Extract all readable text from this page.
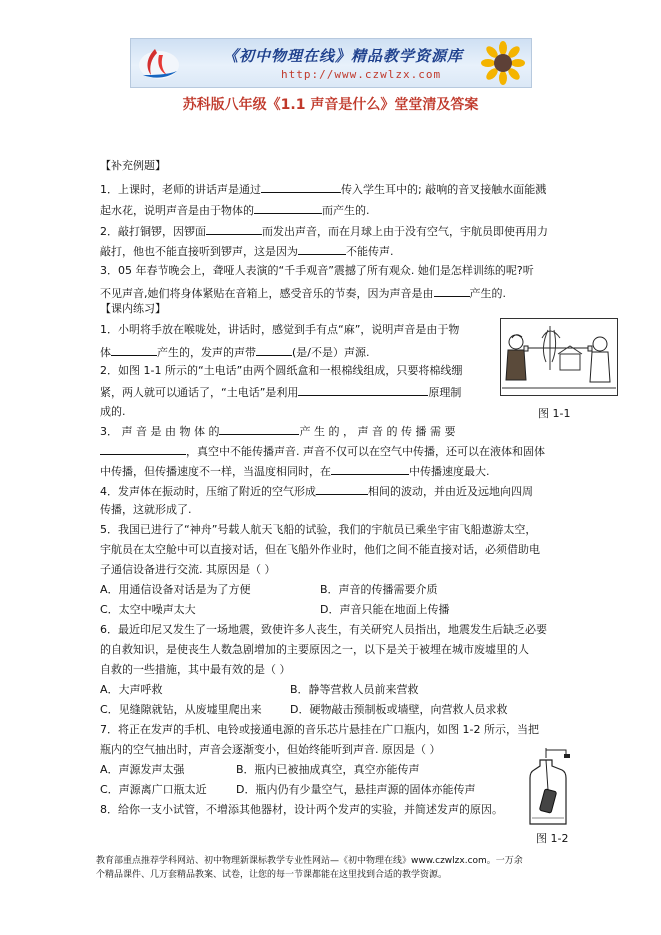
《初中物理在线》精品教学资源库
http://www.czwlzx.com
苏科版八年级《1.1 声音是什么》堂堂清及答案
【补充例题】
1．上课时，老师的讲话声是通过	传入学生耳中的; 敲响的音叉接触水面能溅
起水花，说明声音是由于物体的	而产生的.
2．敲打铜锣，因锣面	而发出声音，而在月球上由于没有空气，宇航员即使再用力
敲打，他也不能直接听到锣声，这是因为	不能传声.
3．05 年春节晚会上，聋哑人表演的“千手观音”震撼了所有观众. 她们是怎样训练的呢?听
不见声音,她们将身体紧贴在音箱上，感受音乐的节奏，因为声音是由	产生的.
【课内练习】
1．小明将手放在喉咙处，讲话时，感觉到手有点“麻”，说明声音是由于物
体	产生的，发声的声带	(是/不是）声源.
2．如图 1-1 所示的“土电话”由两个圆纸盒和一根棉线组成，只要将棉线绷
紧，两人就可以通话了，“土电话”是利用	原理制
成的.	图 1-1
3． 声 音 是 由 物 体 的	产 生 的 ， 声 音 的 传 播 需 要
，真空中不能传播声音. 声音不仅可以在空气中传播，还可以在液体和固体
中传播，但传播速度不一样，当温度相同时，在	中传播速度最大.
4．发声体在振动时，压缩了附近的空气形成	相间的波动，并由近及远地向四周
传播，这就形成了.
5．我国已进行了“神舟”号载人航天飞船的试验，我们的宇航员已乘坐宇宙飞船遨游太空，
宇航员在太空舱中可以直接对话，但在飞船外作业时，他们之间不能直接对话，必须借助电
子通信设备进行交流. 其原因是（ ）
A．用通信设备对话是为了方便	B．声音的传播需要介质
C．太空中噪声太大	D．声音只能在地面上传播
6．最近印尼又发生了一场地震，致使许多人丧生，有关研究人员指出，地震发生后缺乏必要
的自救知识，是使丧生人数急剧增加的主要原因之一，以下是关于被埋在城市废墟里的人
自救的一些措施，其中最有效的是（ ）
A．大声呼救	B．静等营救人员前来营救
C．见缝隙就钻，从废墟里爬出来	D．硬物敲击预制板或墙壁，向营救人员求救
7．将正在发声的手机、电铃或接通电源的音乐芯片悬挂在广口瓶内，如图 1-2 所示，当把
瓶内的空气抽出时，声音会逐渐变小，但始终能听到声音. 原因是（ ）
A．声源发声太强	B．瓶内已被抽成真空，真空亦能传声
C．声源离广口瓶太近	D．瓶内仍有少量空气，悬挂声源的固体亦能传声
8．给你一支小试管，不增添其他器材，设计两个发声的实验，并简述发声的原因。
图 1-2
教育部重点推荐学科网站、初中物理新课标教学专业性网站—《初中物理在线》www.czwlzx.com。一万余
个精品课件、几万套精品教案、试卷，让您的每一节课都能在这里找到合适的教学资源。
